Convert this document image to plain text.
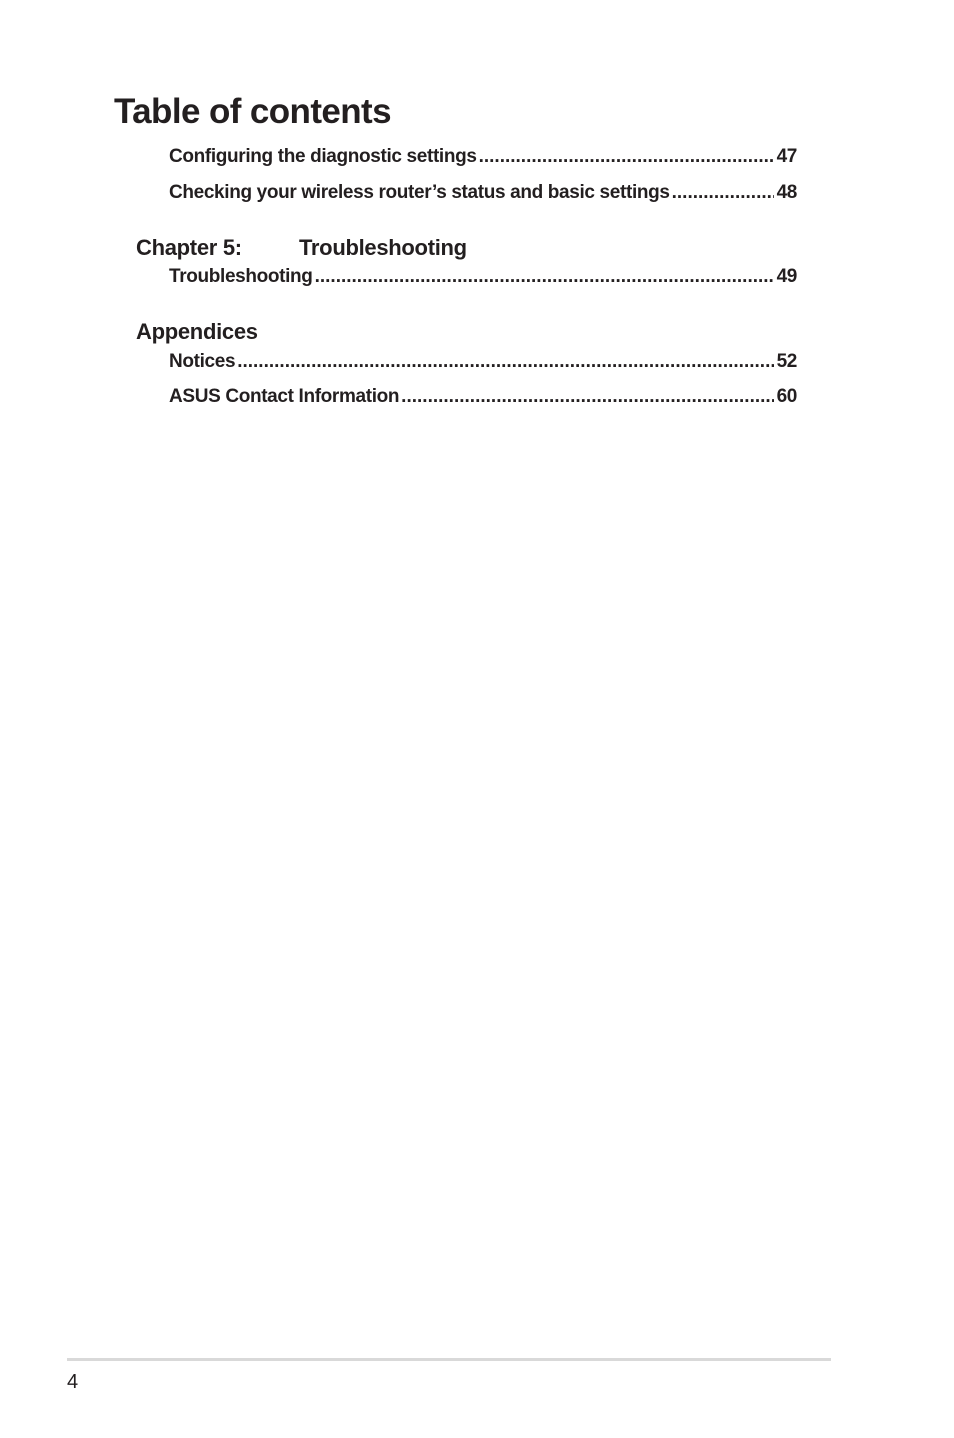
Table of contents
Configuring the diagnostic settings .....	47
Checking your wireless router’s status and basic settings .....	48
Chapter 5:	Troubleshooting
Troubleshooting .....	49
Appendices
Notices .....	52
ASUS Contact Information .....	60
4
